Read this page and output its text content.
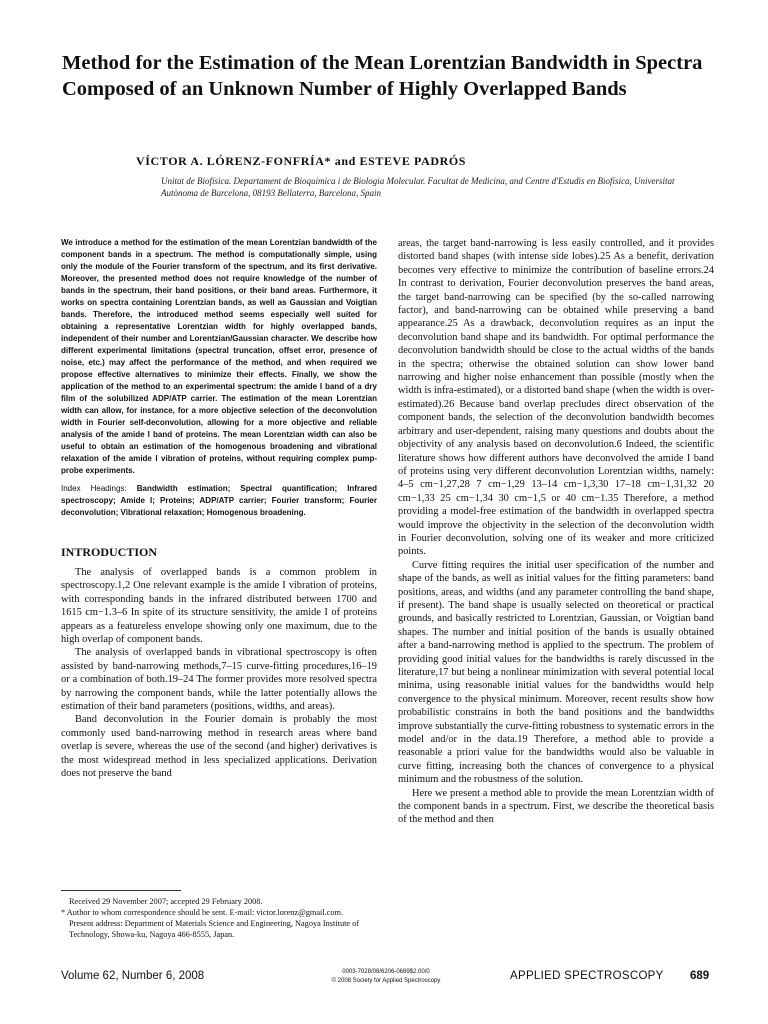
Method for the Estimation of the Mean Lorentzian Bandwidth in Spectra Composed of an Unknown Number of Highly Overlapped Bands

VÍCTOR A. LÓRENZ-FONFRÍA* and ESTEVE PADRÓS

Unitat de Biofísica. Departament de Bioquímica i de Biologia Molecular. Facultat de Medicina, and Centre d'Estudis en Biofísica, Universitat Autònoma de Barcelona, 08193 Bellaterra, Barcelona, Spain

We introduce a method for the estimation of the mean Lorentzian bandwidth of the component bands in a spectrum. The method is computationally simple, using only the module of the Fourier transform of the spectrum, and its first derivative. Moreover, the presented method does not require knowledge of the number of bands in the spectrum, their band positions, or their band areas. Furthermore, it works on spectra containing Lorentzian bands, as well as Gaussian and Voigtian bands. Therefore, the introduced method seems especially well suited for obtaining a representative Lorentzian width for highly overlapped bands, independent of their number and Lorentzian/Gaussian character. We describe how different experimental limitations (spectral truncation, offset error, presence of noise, etc.) may affect the performance of the method, and when required we propose effective alternatives to minimize their effects. Finally, we show the application of the method to an experimental spectrum: the amide I band of a dry film of the solubilized ADP/ATP carrier. The estimation of the mean Lorentzian width can allow, for instance, for a more objective selection of the deconvolution width in Fourier self-deconvolution, allowing for a more objective and reliable analysis of the amide I band of proteins. The mean Lorentzian width can also be useful to obtain an estimation of the homogenous broadening and vibrational relaxation of the amide I vibration of proteins, without requiring complex pump-probe experiments.

Index Headings: Bandwidth estimation; Spectral quantification; Infrared spectroscopy; Amide I; Proteins; ADP/ATP carrier; Fourier transform; Fourier deconvolution; Vibrational relaxation; Homogenous broadening.

INTRODUCTION

The analysis of overlapped bands is a common problem in spectroscopy.1,2 One relevant example is the amide I vibration of proteins, with corresponding bands in the infrared distributed between 1700 and 1615 cm−1.3–6 In spite of its structure sensitivity, the amide I of proteins appears as a featureless envelope showing only one maximum, due to the high overlap of component bands.

The analysis of overlapped bands in vibrational spectroscopy is often assisted by band-narrowing methods,7–15 curve-fitting procedures,16–19 or a combination of both.19–24 The former provides more resolved spectra by narrowing the component bands, while the latter potentially allows the estimation of their band parameters (positions, widths, and areas).

Band deconvolution in the Fourier domain is probably the most commonly used band-narrowing method in research areas where band overlap is severe, whereas the use of the second (and higher) derivatives is the most widespread method in less specialized applications. Derivation does not preserve the band

areas, the target band-narrowing is less easily controlled, and it provides distorted band shapes (with intense side lobes).25 As a benefit, derivation becomes very effective to minimize the contribution of baseline errors.24 In contrast to derivation, Fourier deconvolution preserves the band areas, the target band-narrowing can be specified (by the so-called narrowing factor), and band-narrowing can be obtained while preserving a band appearance.25 As a drawback, deconvolution requires as an input the deconvolution band shape and its bandwidth. For optimal performance the deconvolution bandwidth should be close to the actual widths of the bands in the spectra; otherwise the obtained solution can show lower band narrowing and higher noise enhancement than possible (mostly when the width is infra-estimated), or a distorted band shape (when the width is over-estimated).26 Because band overlap precludes direct observation of the component bands, the selection of the deconvolution bandwidth becomes arbitrary and user-dependent, raising many questions and doubts about the objectivity of any analysis based on deconvolution.6 Indeed, the scientific literature shows how different authors have deconvolved the amide I band of proteins using very different deconvolution Lorentzian widths, namely: 4–5 cm−1,27,28 7 cm−1,29 13–14 cm−1,3,30 17–18 cm−1,31,32 20 cm−1,33 25 cm−1,34 30 cm−1,5 or 40 cm−1.35 Therefore, a method providing a model-free estimation of the bandwidth in overlapped spectra would improve the objectivity in the selection of the deconvolution width in Fourier deconvolution, solving one of its weaker and more criticized points.

Curve fitting requires the initial user specification of the number and shape of the bands, as well as initial values for the fitting parameters: band positions, areas, and widths (and any parameter controlling the band shape, if present). The band shape is usually selected on theoretical or practical grounds, and basically restricted to Lorentzian, Gaussian, or Voigtian band shapes. The number and initial position of the bands is usually obtained after a band-narrowing method is applied to the spectrum. The problem of providing good initial values for the bandwidths is rarely discussed in the literature,17 but being a nonlinear minimization with several potential local minima, using reasonable initial values for the bandwidths would help convergence to the physical minimum. Moreover, recent results show how probabilistic constrains in both the band positions and the bandwidths improve substantially the curve-fitting robustness to systematic errors in the model and/or in the data.19 Therefore, a method able to provide a reasonable a priori value for the bandwidths would also be valuable in curve fitting, increasing both the chances of convergence to a physical minimum and the robustness of the solution.

Here we present a method able to provide the mean Lorentzian width of the component bands in a spectrum. First, we describe the theoretical basis of the method and then

Received 29 November 2007; accepted 29 February 2008.

* Author to whom correspondence should be sent. E-mail: victor.lorenz@gmail.com. Present address: Department of Materials Science and Engineering, Nagoya Institute of Technology, Showa-ku, Nagoya 466-8555, Japan.

Volume 62, Number 6, 2008	0003-7028/08/6206-0689$2.00/0
© 2008 Society for Applied Spectroscopy	APPLIED SPECTROSCOPY 689
